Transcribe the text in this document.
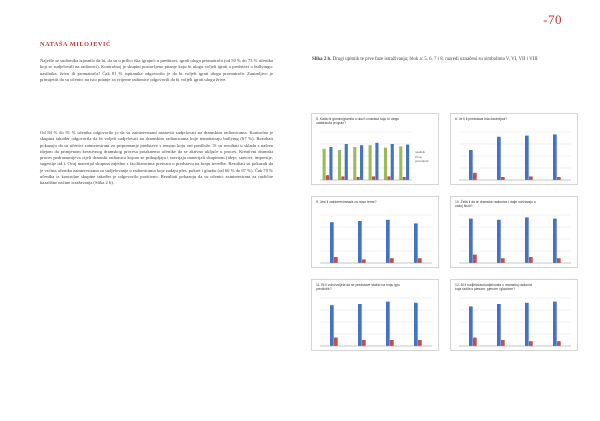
-70
NATAŠA MILOJEVIĆ
Najviše se sudionika izjasnilo da bi, da su u prilici išta igrajući u predstavi, igrali ulogu promatrača (od 50 % do 73 % učenika koji se sudjelovali na radionici). Kontrolnoj je skupini postavljeno pitanje koju bi ulogu voljeli igrati u predstavi o bullyingu: nasilnika, žrtvu ili promatrača? Čak 81 % ispitanika odgovorilo je da bi voljeli igrati ulogu promatrača. Zanimljivo je primijetiti da su učenici na isto pitanje za vrijeme radionice odgovorili da bi voljeli igrati ulogu žrtve.
Od 84 % do 91 % učenika odgovorilo je da su zainteresirani nastaviti sudjelovati na dramskim radionicama. Kontrolna je skupina također odgovorila da bi voljeli sudjelovati na dramskim radionicama koje tematiziraju bullying (67 %). Rezultati pokazuju da su učenici zainteresirani za pripremanje predstave s temom koju oni predlože. Ti su rezultati u skladu s našom idejom da primjenom kreativnog dramskog procesa potaknemo učenike da se aktivno uključe u proces. Kreativni dramski proces podrazumijeva cijeli dramski radionica kojom se prikupljaju i razvijaju materijali skupinom (ideje, stavovi, impresije, sugestije itd.). Ovaj materijal skupina zajedno s facilitatorima pretvara u predstavu na kraju izvedbe. Rezultati su pokazali da je većina učenika zainteresirana za sudjelovanje u radionicama koje zadaju ples, pokret i glazbu (od 60 % do 87 %). Čak 70 % učenika iz kontrolne skupine također je odgovorilo pozitivno. Rezultati pokazuju da su učenici zainteresirani za različite kazališne načine izražavanja (Slika 2 b).
Slika 2 b. Drugi upitnik te prve faze istraživanja; blok a: 5, 6, 7 i 8. razredi označeni su simbolima V, VI, VII i VIII
5. Kada bi glumio/glumila u ulozi u nastavi koju bi ulogu odabrao/la je igrao?
nasilnik
žrtva
promatrač
6. Je li ti predstava bila zanimljiva?
9. Jesi li zainteresirana/a za nove teme?	10. Želiš li da te dramske radionice i dalje održavaju u vašoj školi?
11. Bi li volio/voljela da se predstave stalno na tvoju igru predložiš?
12. Bi li sudjelovao/sudjelovala u dramskoj radionici koja radila s plesom, pjevom i glazbom?
